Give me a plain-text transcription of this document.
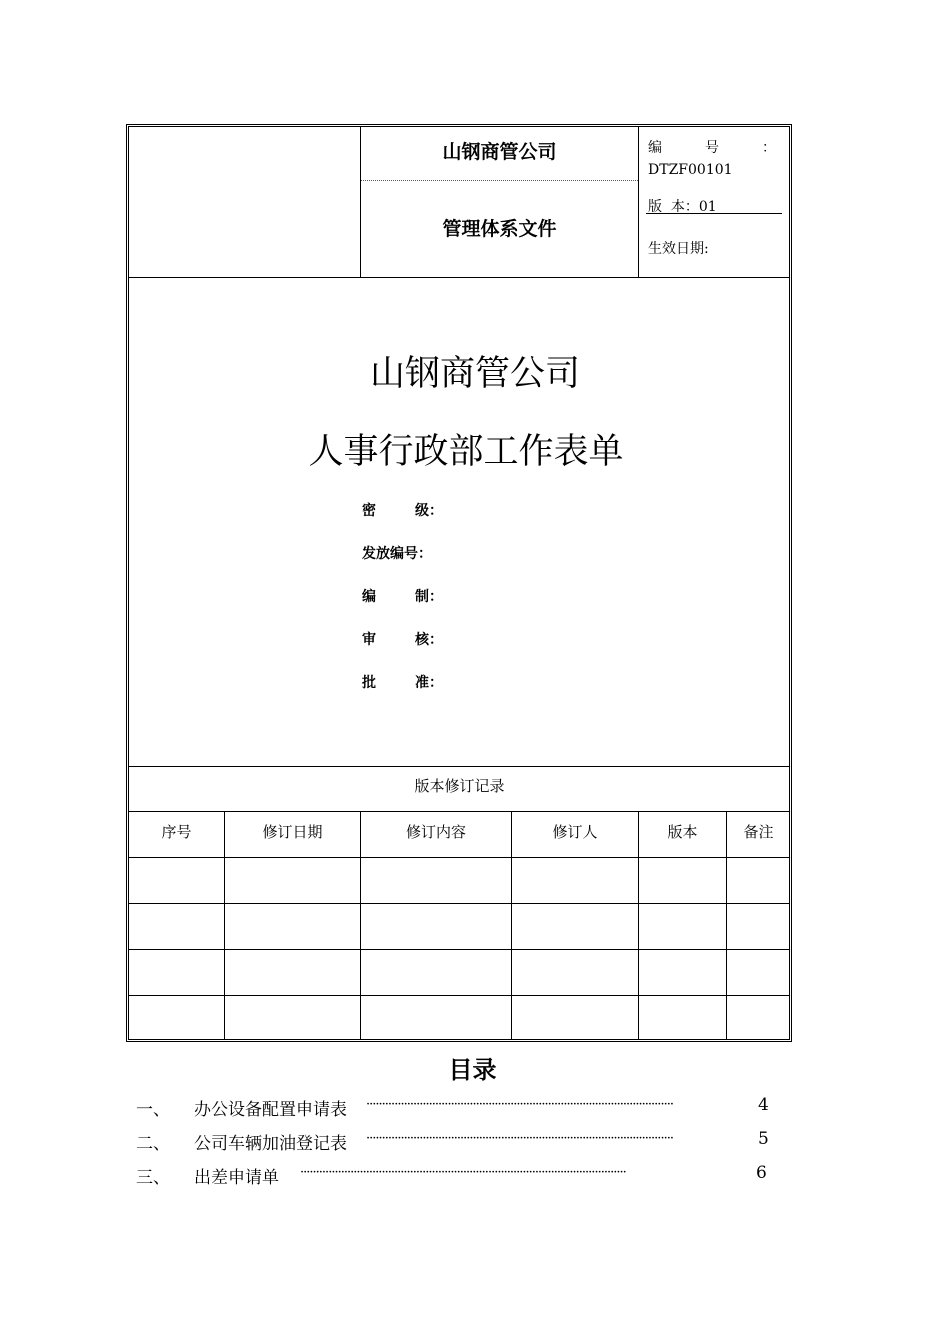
山钢商管公司
管理体系文件
编	号	：
DTZF00101
版  本：01
生效日期:
山钢商管公司
人事行政部工作表单
密        级：
发放编号：
编        制：
审        核：
批        准：
版本修订记录
序号	修订日期	修订内容	修订人	版本	备注
目录
一、 办公设备配置申请表 ··································································································	4
二、 公司车辆加油登记表 ··································································································	5
三、 出差申请单 ········································································································	6
